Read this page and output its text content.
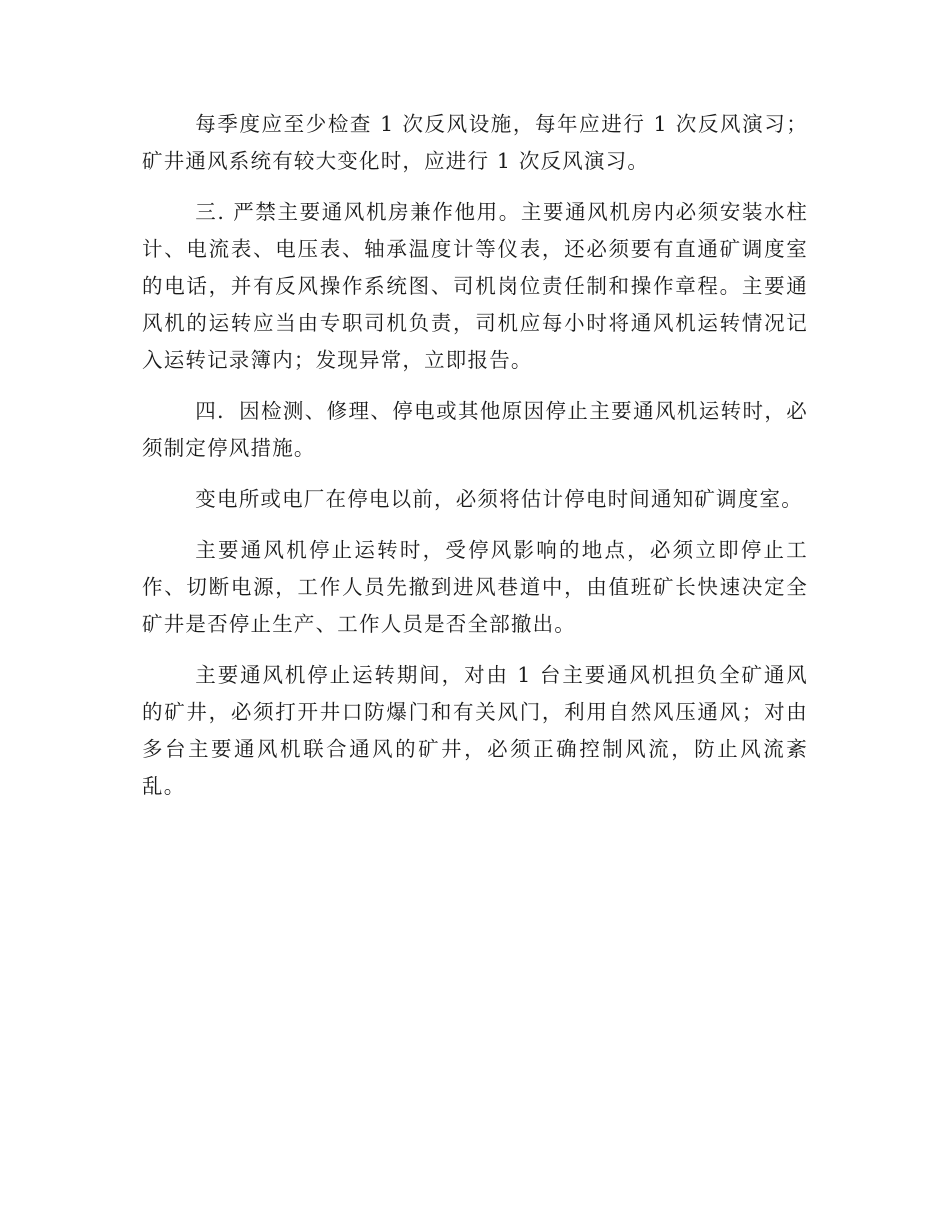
每季度应至少检查 1 次反风设施，每年应进行 1 次反风演习；矿井通风系统有较大变化时，应进行 1 次反风演习。

三. 严禁主要通风机房兼作他用。主要通风机房内必须安装水柱计、电流表、电压表、轴承温度计等仪表，还必须要有直通矿调度室的电话，并有反风操作系统图、司机岗位责任制和操作章程。主要通风机的运转应当由专职司机负责，司机应每小时将通风机运转情况记入运转记录簿内；发现异常，立即报告。

四．因检测、修理、停电或其他原因停止主要通风机运转时，必须制定停风措施。

变电所或电厂在停电以前，必须将估计停电时间通知矿调度室。

主要通风机停止运转时，受停风影响的地点，必须立即停止工作、切断电源，工作人员先撤到进风巷道中，由值班矿长快速决定全矿井是否停止生产、工作人员是否全部撤出。

主要通风机停止运转期间，对由 1 台主要通风机担负全矿通风的矿井，必须打开井口防爆门和有关风门，利用自然风压通风；对由多台主要通风机联合通风的矿井，必须正确控制风流，防止风流紊乱。
